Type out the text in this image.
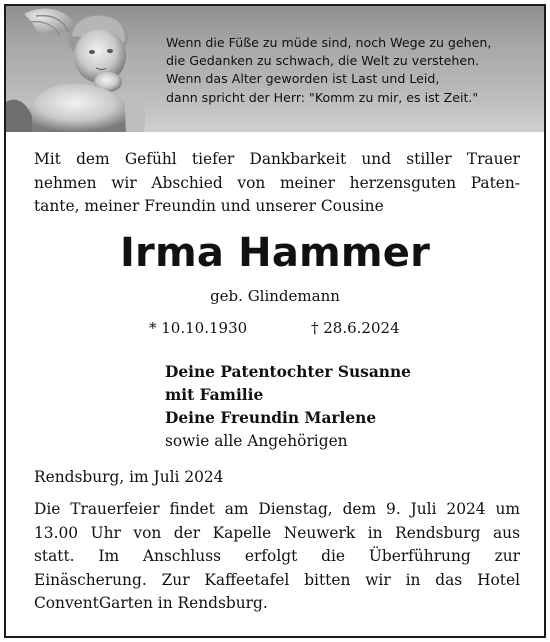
Wenn die Füße zu müde sind, noch Wege zu gehen,
die Gedanken zu schwach, die Welt zu verstehen.
Wenn das Alter geworden ist Last und Leid,
dann spricht der Herr: "Komm zu mir, es ist Zeit."
Mit dem Gefühl tiefer Dankbarkeit und stiller Trauer
nehmen wir Abschied von meiner herzensguten Paten-
tante, meiner Freundin und unserer Cousine
Irma Hammer
geb. Glindemann
* 10.10.1930	† 28.6.2024
Deine Patentochter Susanne
mit Familie
Deine Freundin Marlene
sowie alle Angehörigen
Rendsburg, im Juli 2024
Die Trauerfeier findet am Dienstag, dem 9. Juli 2024 um
13.00 Uhr von der Kapelle Neuwerk in Rendsburg aus
statt. Im Anschluss erfolgt die Überführung zur
Einäscherung. Zur Kaffeetafel bitten wir in das Hotel
ConventGarten in Rendsburg.
